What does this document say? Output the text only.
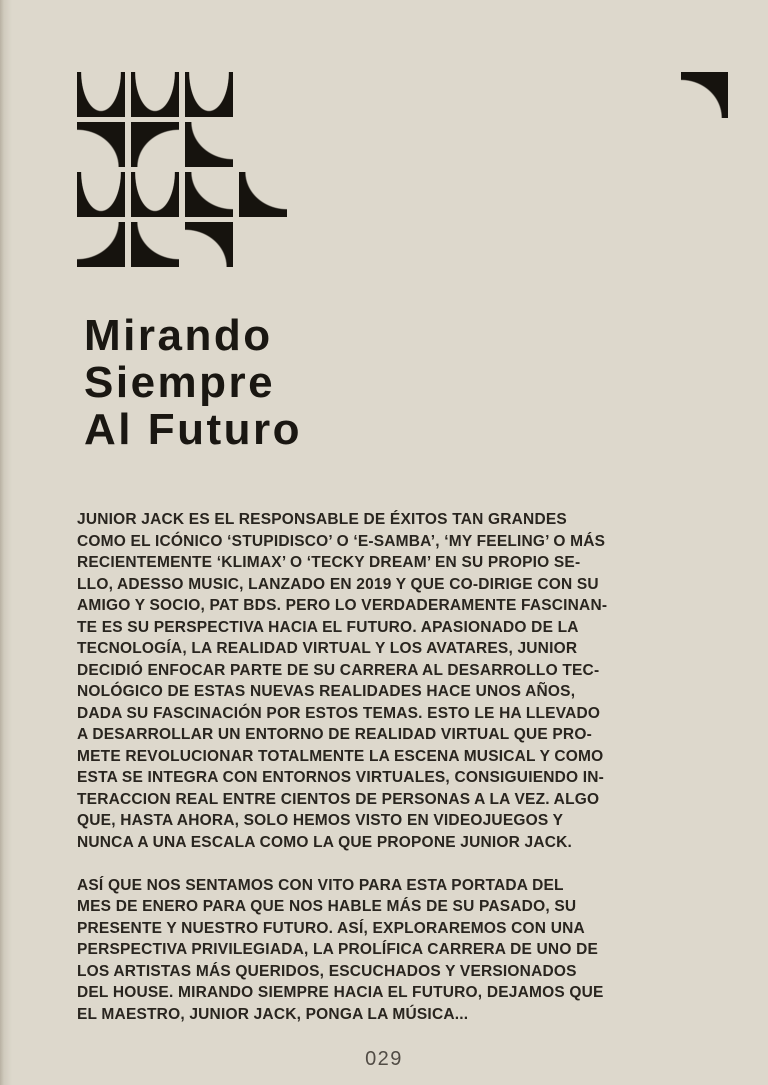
Mirando
Siempre
Al Futuro
JUNIOR JACK ES EL RESPONSABLE DE ÉXITOS TAN GRANDES
COMO EL ICÓNICO ‘STUPIDISCO’ O ‘E-SAMBA’, ‘MY FEELING’ O MÁS
RECIENTEMENTE ‘KLIMAX’ O ‘TECKY DREAM’ EN SU PROPIO SE-
LLO, ADESSO MUSIC, LANZADO EN 2019 Y QUE CO-DIRIGE CON SU
AMIGO Y SOCIO, PAT BDS. PERO LO VERDADERAMENTE FASCINAN-
TE ES SU PERSPECTIVA HACIA EL FUTURO. APASIONADO DE LA
TECNOLOGÍA, LA REALIDAD VIRTUAL Y LOS AVATARES, JUNIOR
DECIDIÓ ENFOCAR PARTE DE SU CARRERA AL DESARROLLO TEC-
NOLÓGICO DE ESTAS NUEVAS REALIDADES HACE UNOS AÑOS,
DADA SU FASCINACIÓN POR ESTOS TEMAS. ESTO LE HA LLEVADO
A DESARROLLAR UN ENTORNO DE REALIDAD VIRTUAL QUE PRO-
METE REVOLUCIONAR TOTALMENTE LA ESCENA MUSICAL Y COMO
ESTA SE INTEGRA CON ENTORNOS VIRTUALES, CONSIGUIENDO IN-
TERACCION REAL ENTRE CIENTOS DE PERSONAS A LA VEZ. ALGO
QUE, HASTA AHORA, SOLO HEMOS VISTO EN VIDEOJUEGOS Y
NUNCA A UNA ESCALA COMO LA QUE PROPONE JUNIOR JACK.
ASÍ QUE NOS SENTAMOS CON VITO PARA ESTA PORTADA DEL
MES DE ENERO PARA QUE NOS HABLE MÁS DE SU PASADO, SU
PRESENTE Y NUESTRO FUTURO. ASÍ, EXPLORAREMOS CON UNA
PERSPECTIVA PRIVILEGIADA, LA PROLÍFICA CARRERA DE UNO DE
LOS ARTISTAS MÁS QUERIDOS, ESCUCHADOS Y VERSIONADOS
DEL HOUSE. MIRANDO SIEMPRE HACIA EL FUTURO, DEJAMOS QUE
EL MAESTRO, JUNIOR JACK, PONGA LA MÚSICA...
029
